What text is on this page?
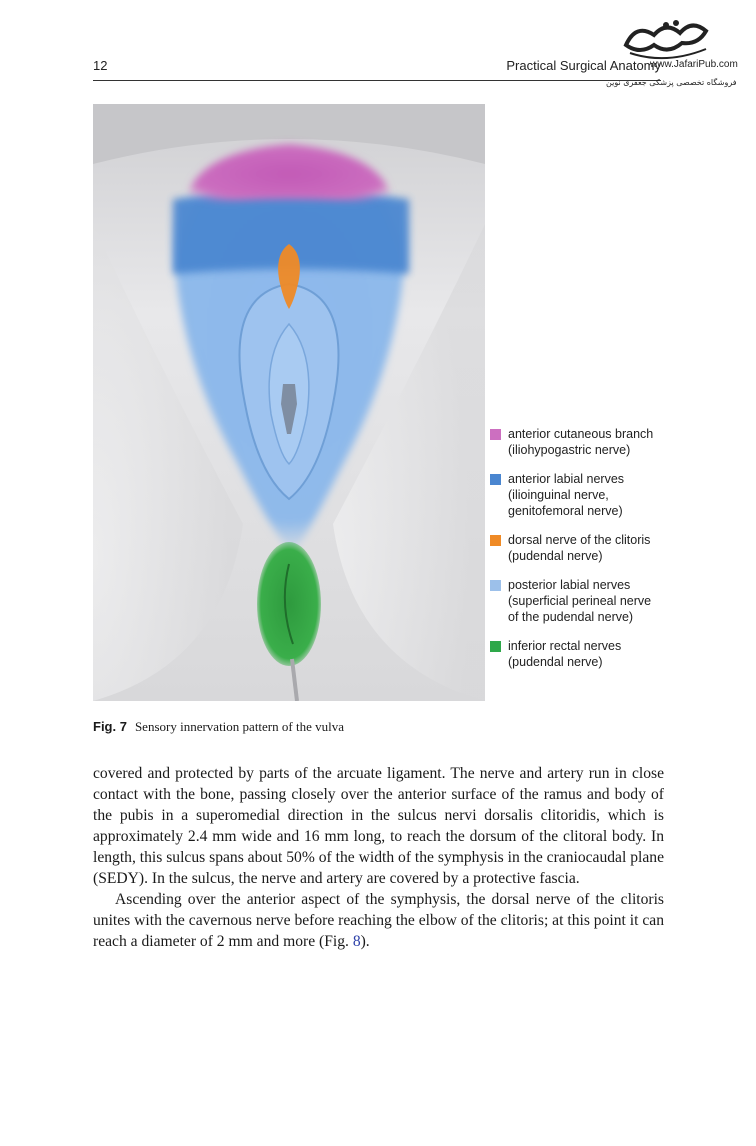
12	Practical Surgical Anatomy
www.JafariPub.com
فروشگاه تخصصی پزشکی جعفری نوین
anterior cutaneous branch
(iliohypogastric nerve)
anterior labial nerves
(ilioinguinal nerve,
genitofemoral nerve)
dorsal nerve of the clitoris
(pudendal nerve)
posterior labial nerves
(superficial perineal nerve
of the pudendal nerve)
inferior rectal nerves
(pudendal nerve)
Fig. 7 Sensory innervation pattern of the vulva

covered and protected by parts of the arcuate ligament. The nerve and artery run in close contact with the bone, passing closely over the anterior surface of the ramus and body of the pubis in a superomedial direction in the sulcus nervi dorsalis clitoridis, which is approximately 2.4 mm wide and 16 mm long, to reach the dorsum of the clitoral body. In length, this sulcus spans about 50% of the width of the symphysis in the craniocaudal plane (SEDY). In the sulcus, the nerve and artery are covered by a protective fascia.

Ascending over the anterior aspect of the symphysis, the dorsal nerve of the clitoris unites with the cavernous nerve before reaching the elbow of the clitoris; at this point it can reach a diameter of 2 mm and more (Fig. 8).
